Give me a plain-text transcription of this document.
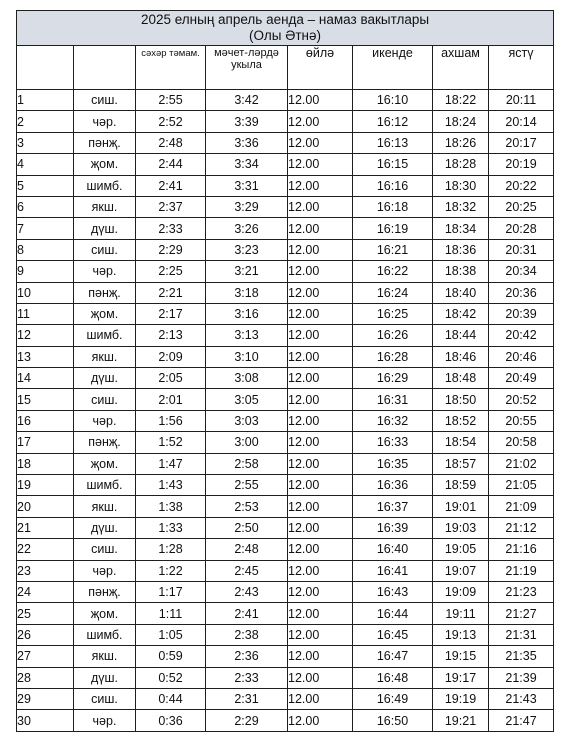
2025 елның апрель аенда – намаз вакытлары
(Олы Әтнә)							

		сәхәр тәмам.	мәчет-ләрдә укыла	өйлә	икенде	ахшам	ястү
1	сиш.	2:55	3:42	12.00	16:10	18:22	20:11
2	чәр.	2:52	3:39	12.00	16:12	18:24	20:14
3	пәнҗ.	2:48	3:36	12.00	16:13	18:26	20:17
4	җом.	2:44	3:34	12.00	16:15	18:28	20:19
5	шимб.	2:41	3:31	12.00	16:16	18:30	20:22
6	якш.	2:37	3:29	12.00	16:18	18:32	20:25
7	дүш.	2:33	3:26	12.00	16:19	18:34	20:28
8	сиш.	2:29	3:23	12.00	16:21	18:36	20:31
9	чәр.	2:25	3:21	12.00	16:22	18:38	20:34
10	пәнҗ.	2:21	3:18	12.00	16:24	18:40	20:36
11	җом.	2:17	3:16	12.00	16:25	18:42	20:39
12	шимб.	2:13	3:13	12.00	16:26	18:44	20:42
13	якш.	2:09	3:10	12.00	16:28	18:46	20:46
14	дүш.	2:05	3:08	12.00	16:29	18:48	20:49
15	сиш.	2:01	3:05	12.00	16:31	18:50	20:52
16	чәр.	1:56	3:03	12.00	16:32	18:52	20:55
17	пәнҗ.	1:52	3:00	12.00	16:33	18:54	20:58
18	җом.	1:47	2:58	12.00	16:35	18:57	21:02
19	шимб.	1:43	2:55	12.00	16:36	18:59	21:05
20	якш.	1:38	2:53	12.00	16:37	19:01	21:09
21	дүш.	1:33	2:50	12.00	16:39	19:03	21:12
22	сиш.	1:28	2:48	12.00	16:40	19:05	21:16
23	чәр.	1:22	2:45	12.00	16:41	19:07	21:19
24	пәнҗ.	1:17	2:43	12.00	16:43	19:09	21:23
25	җом.	1:11	2:41	12.00	16:44	19:11	21:27
26	шимб.	1:05	2:38	12.00	16:45	19:13	21:31
27	якш.	0:59	2:36	12.00	16:47	19:15	21:35
28	дүш.	0:52	2:33	12.00	16:48	19:17	21:39
29	сиш.	0:44	2:31	12.00	16:49	19:19	21:43
30	чәр.	0:36	2:29	12.00	16:50	19:21	21:47
